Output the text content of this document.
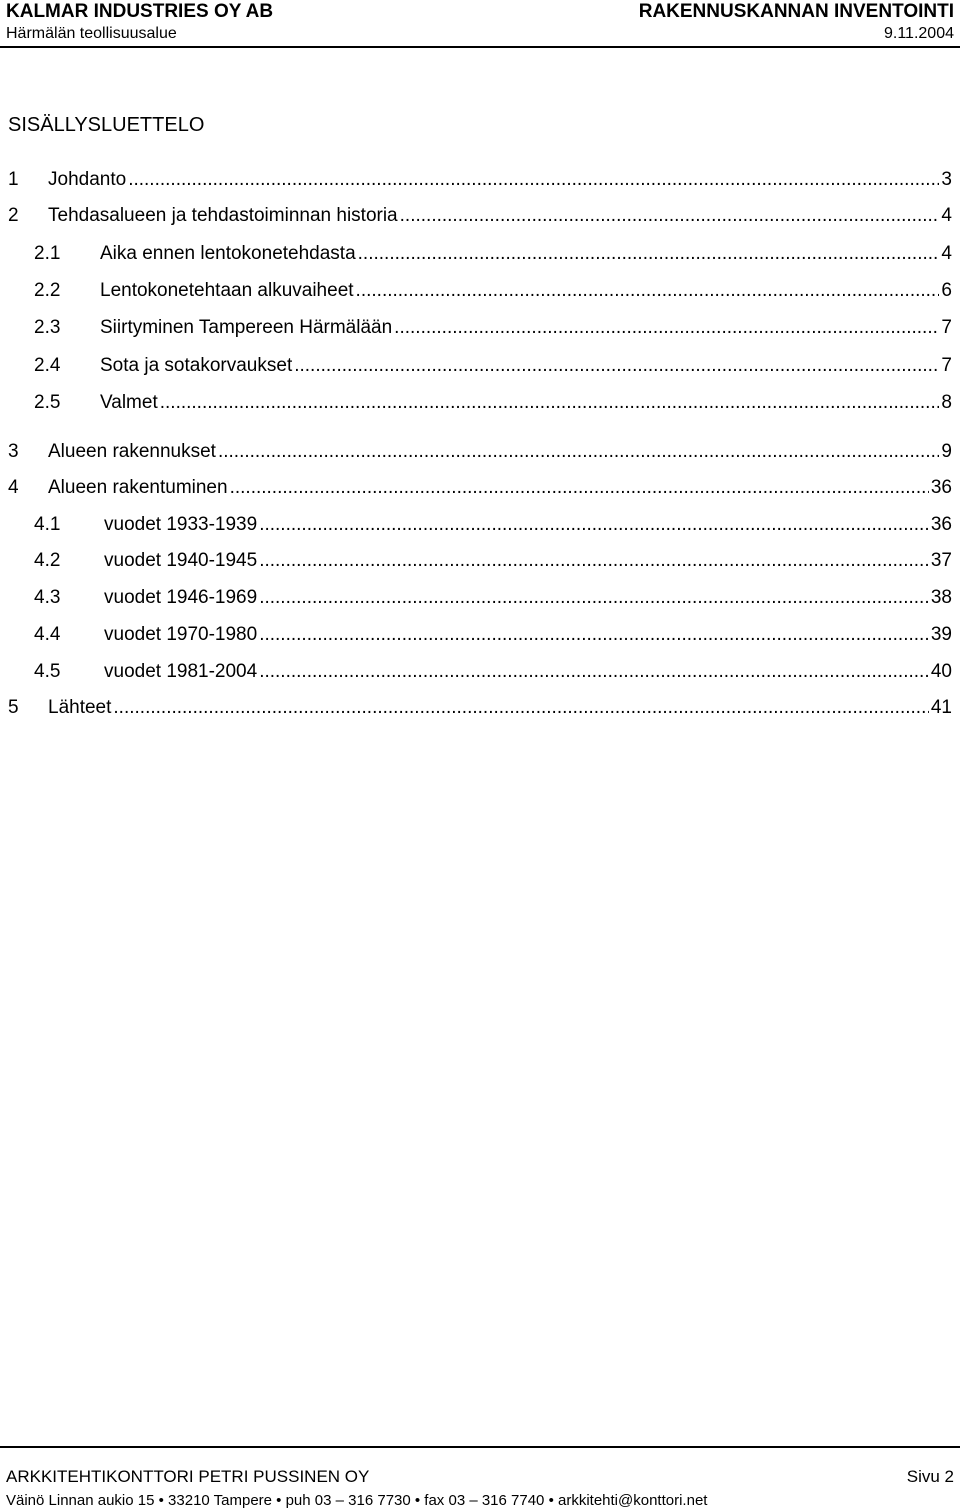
KALMAR INDUSTRIES OY AB	RAKENNUSKANNAN INVENTOINTI
Härmälän teollisuusalue	9.11.2004
SISÄLLYSLUETTELO
1	Johdanto .....	3
2	Tehdasalueen ja tehdastoiminnan historia .....	4
2.1	Aika ennen lentokonetehdasta .....	4
2.2	Lentokonetehtaan alkuvaiheet .....	6
2.3	Siirtyminen Tampereen Härmälään .....	7
2.4	Sota ja sotakorvaukset .....	7
2.5	Valmet .....	8
3	Alueen rakennukset .....	9
4	Alueen rakentuminen .....	36
4.1	vuodet 1933-1939 .....	36
4.2	vuodet 1940-1945 .....	37
4.3	vuodet 1946-1969 .....	38
4.4	vuodet 1970-1980 .....	39
4.5	vuodet 1981-2004 .....	40
5	Lähteet .....	41
ARKKITEHTIKONTTORI PETRI PUSSINEN OY	Sivu 2
Väinö Linnan aukio 15 • 33210 Tampere • puh 03 – 316 7730 • fax 03 – 316 7740 • arkkitehti@konttori.net
